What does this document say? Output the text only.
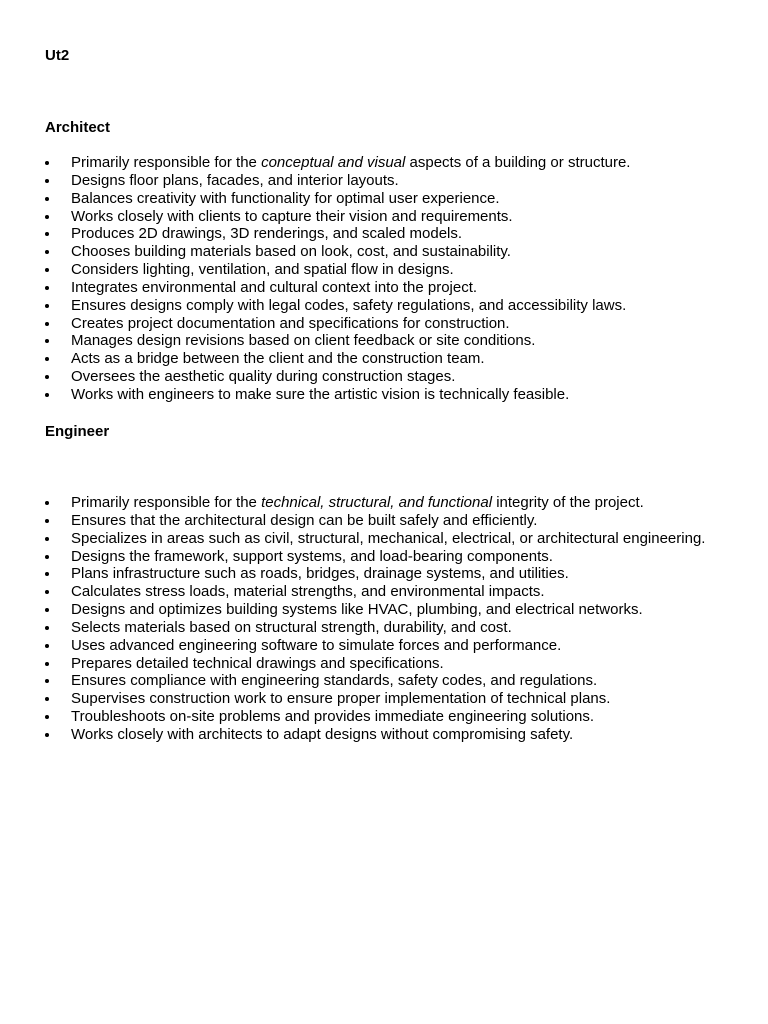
Ut2
Architect
Primarily responsible for the conceptual and visual aspects of a building or structure.
Designs floor plans, facades, and interior layouts.
Balances creativity with functionality for optimal user experience.
Works closely with clients to capture their vision and requirements.
Produces 2D drawings, 3D renderings, and scaled models.
Chooses building materials based on look, cost, and sustainability.
Considers lighting, ventilation, and spatial flow in designs.
Integrates environmental and cultural context into the project.
Ensures designs comply with legal codes, safety regulations, and accessibility laws.
Creates project documentation and specifications for construction.
Manages design revisions based on client feedback or site conditions.
Acts as a bridge between the client and the construction team.
Oversees the aesthetic quality during construction stages.
Works with engineers to make sure the artistic vision is technically feasible.
Engineer
Primarily responsible for the technical, structural, and functional integrity of the project.
Ensures that the architectural design can be built safely and efficiently.
Specializes in areas such as civil, structural, mechanical, electrical, or architectural engineering.
Designs the framework, support systems, and load-bearing components.
Plans infrastructure such as roads, bridges, drainage systems, and utilities.
Calculates stress loads, material strengths, and environmental impacts.
Designs and optimizes building systems like HVAC, plumbing, and electrical networks.
Selects materials based on structural strength, durability, and cost.
Uses advanced engineering software to simulate forces and performance.
Prepares detailed technical drawings and specifications.
Ensures compliance with engineering standards, safety codes, and regulations.
Supervises construction work to ensure proper implementation of technical plans.
Troubleshoots on-site problems and provides immediate engineering solutions.
Works closely with architects to adapt designs without compromising safety.
